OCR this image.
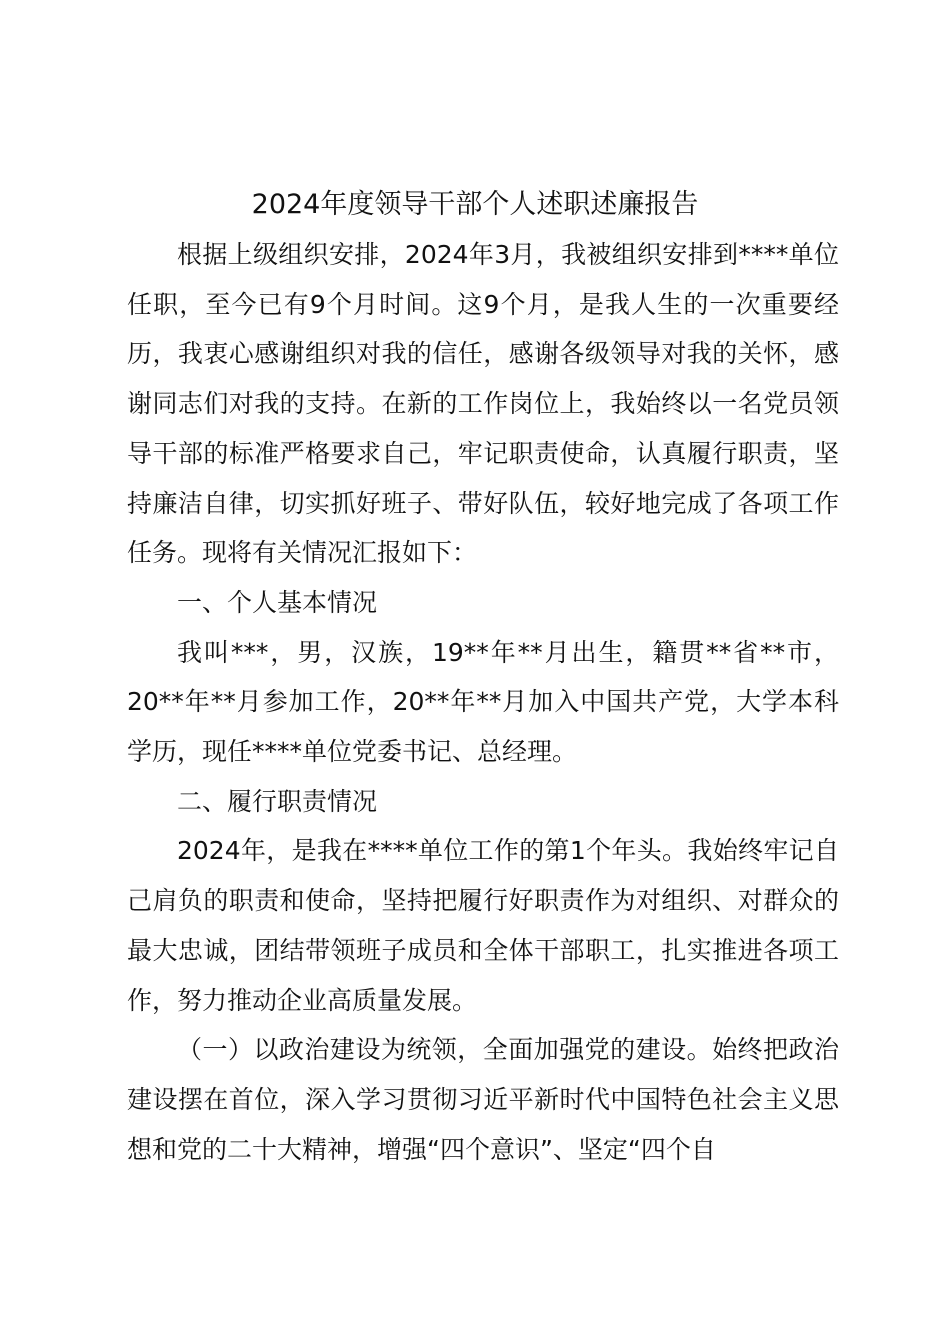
2024年度领导干部个人述职述廉报告

根据上级组织安排，2024年3月，我被组织安排到****单位任职，至今已有9个月时间。这9个月，是我人生的一次重要经历，我衷心感谢组织对我的信任，感谢各级领导对我的关怀，感谢同志们对我的支持。在新的工作岗位上，我始终以一名党员领导干部的标准严格要求自己，牢记职责使命，认真履行职责，坚持廉洁自律，切实抓好班子、带好队伍，较好地完成了各项工作任务。现将有关情况汇报如下：

一、个人基本情况

我叫***，男，汉族，19**年**月出生，籍贯**省**市，20**年**月参加工作，20**年**月加入中国共产党，大学本科学历，现任****单位党委书记、总经理。

二、履行职责情况

2024年，是我在****单位工作的第1个年头。我始终牢记自己肩负的职责和使命，坚持把履行好职责作为对组织、对群众的最大忠诚，团结带领班子成员和全体干部职工，扎实推进各项工作，努力推动企业高质量发展。

（一）以政治建设为统领，全面加强党的建设。始终把政治建设摆在首位，深入学习贯彻习近平新时代中国特色社会主义思想和党的二十大精神，增强“四个意识”、坚定“四个自
